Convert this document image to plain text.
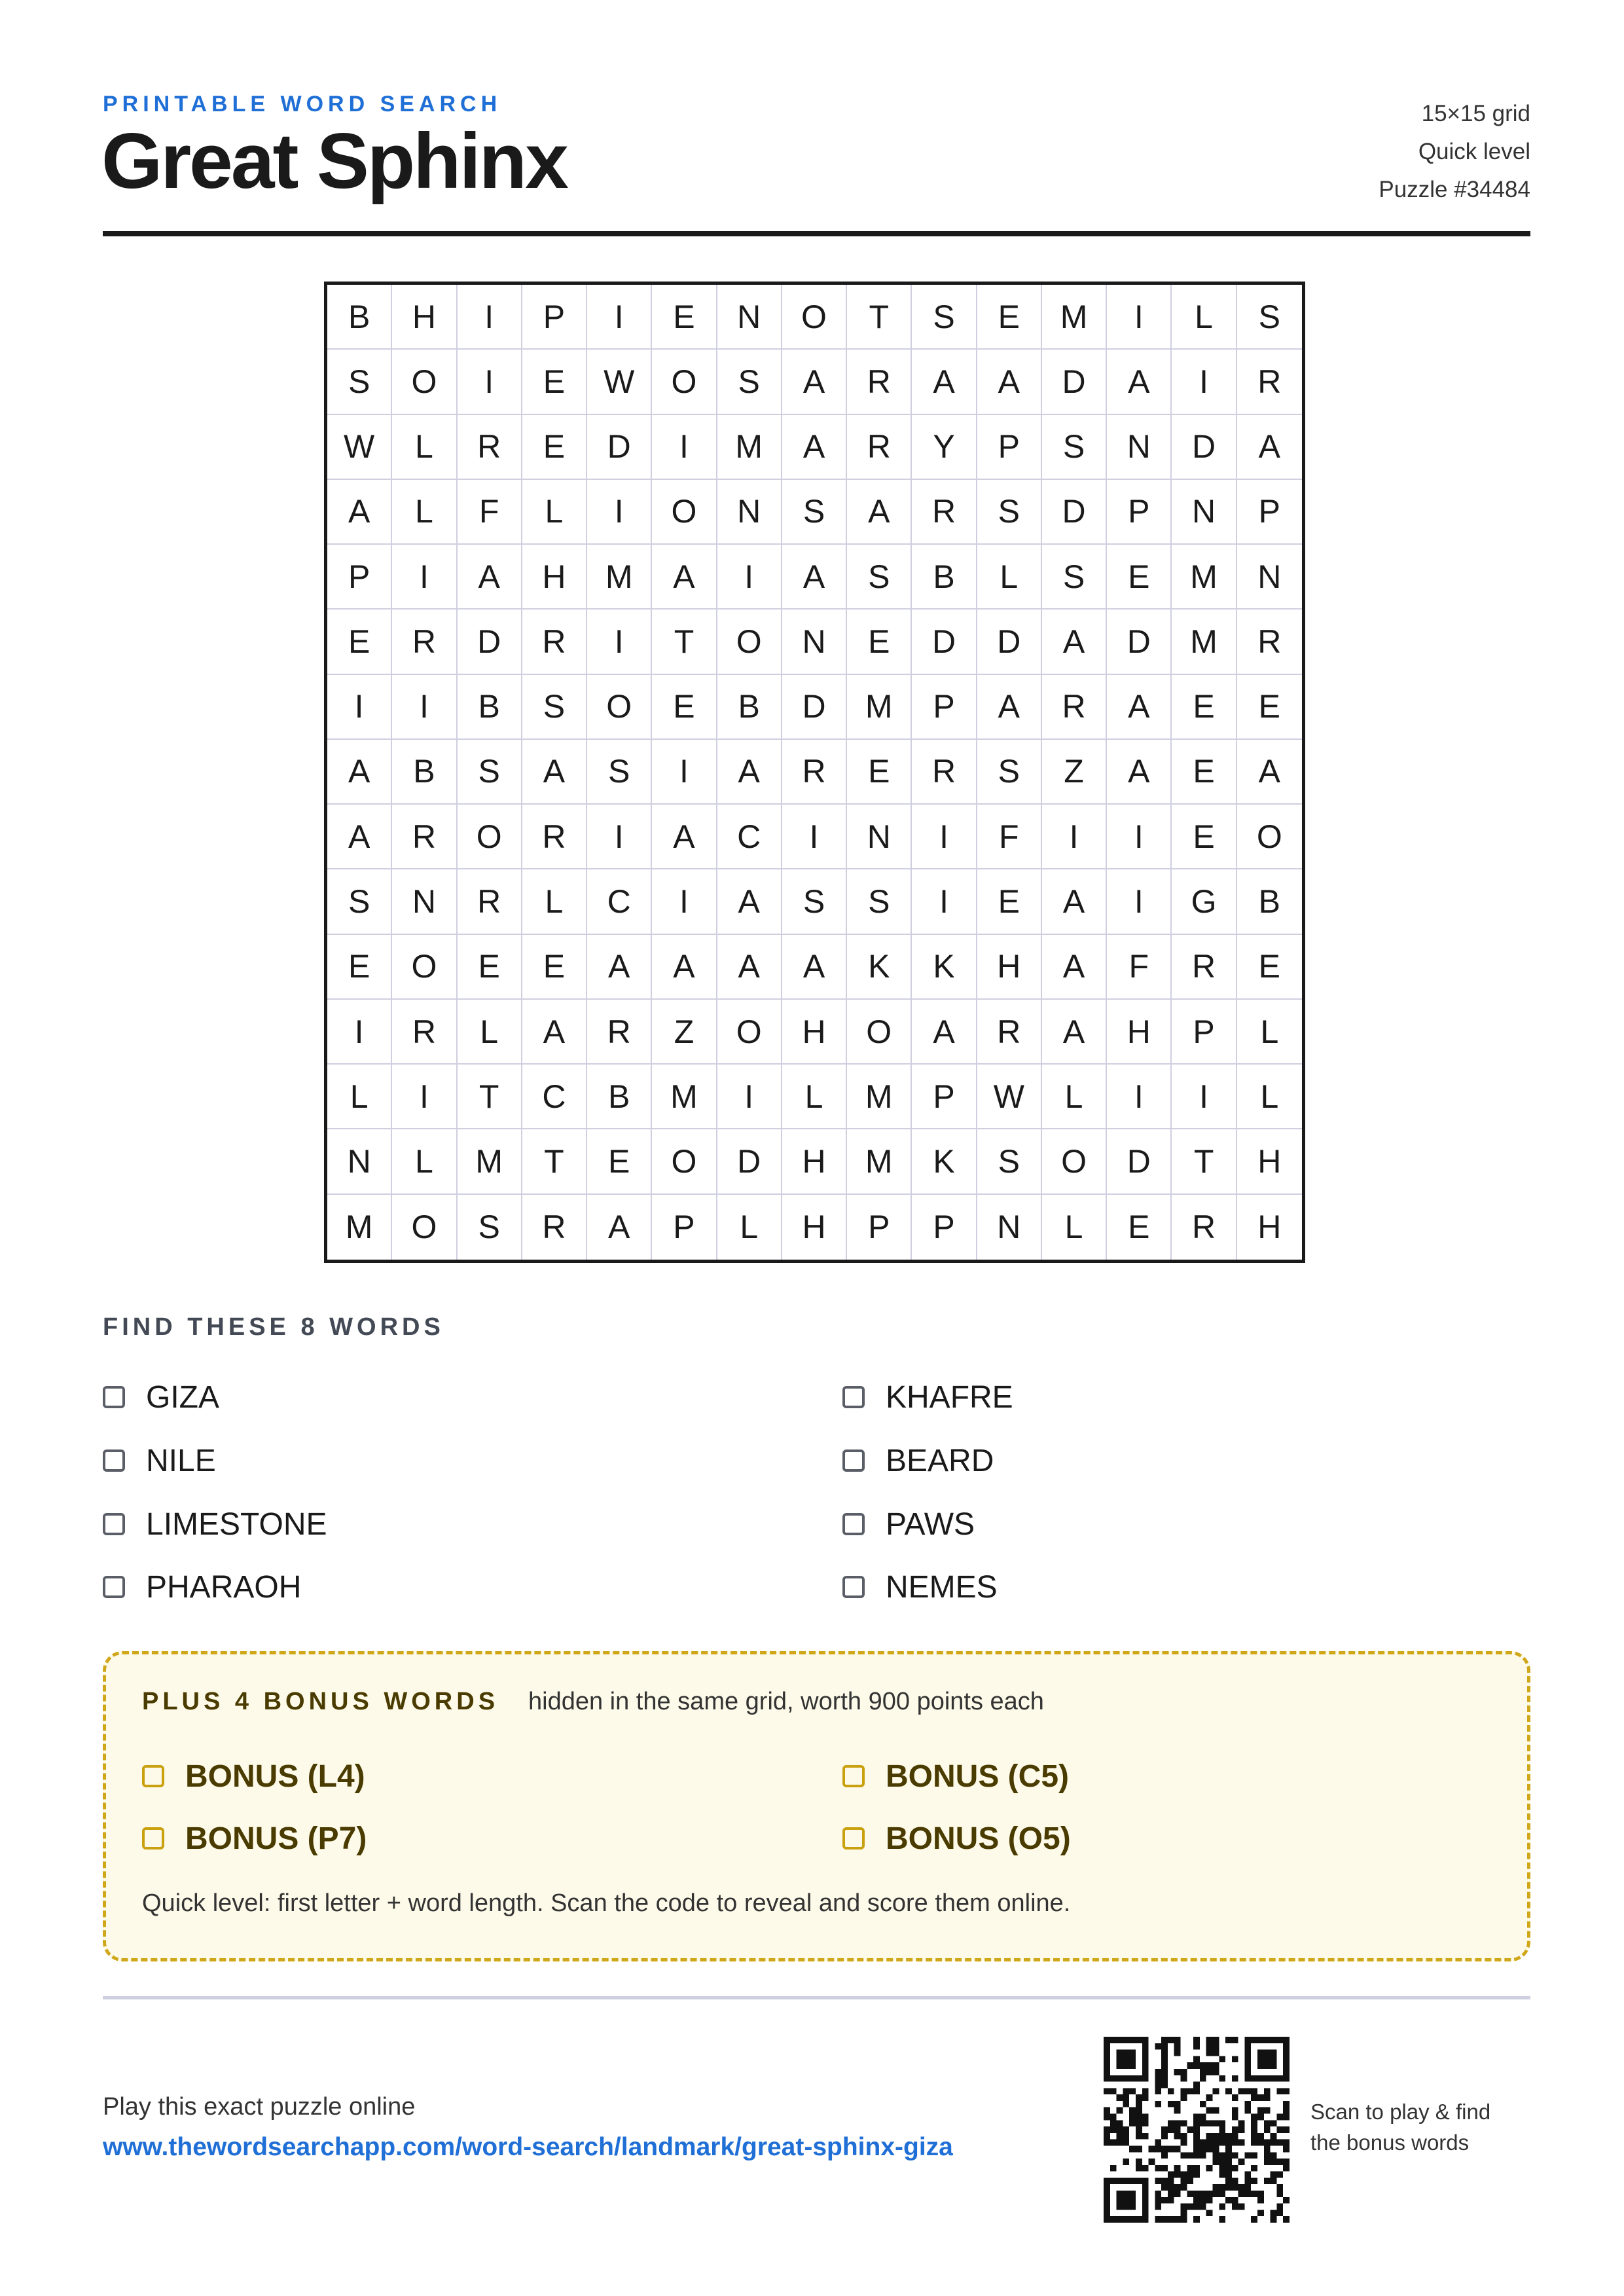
PRINTABLE WORD SEARCH
Great Sphinx
15×15 grid
Quick level
Puzzle #34484
B	H	I	P	I	E	N	O	T	S	E	M	I	L	S
S	O	I	E	W	O	S	A	R	A	A	D	A	I	R
W	L	R	E	D	I	M	A	R	Y	P	S	N	D	A
A	L	F	L	I	O	N	S	A	R	S	D	P	N	P
P	I	A	H	M	A	I	A	S	B	L	S	E	M	N
E	R	D	R	I	T	O	N	E	D	D	A	D	M	R
I	I	B	S	O	E	B	D	M	P	A	R	A	E	E
A	B	S	A	S	I	A	R	E	R	S	Z	A	E	A
A	R	O	R	I	A	C	I	N	I	F	I	I	E	O
S	N	R	L	C	I	A	S	S	I	E	A	I	G	B
E	O	E	E	A	A	A	A	K	K	H	A	F	R	E
I	R	L	A	R	Z	O	H	O	A	R	A	H	P	L
L	I	T	C	B	M	I	L	M	P	W	L	I	I	L
N	L	M	T	E	O	D	H	M	K	S	O	D	T	H
M	O	S	R	A	P	L	H	P	P	N	L	E	R	H
FIND THESE 8 WORDS
GIZA	KHAFRE
NILE	BEARD
LIMESTONE	PAWS
PHARAOH	NEMES
PLUS 4 BONUS WORDS hidden in the same grid, worth 900 points each
BONUS (L4)	BONUS (C5)
BONUS (P7)	BONUS (O5)
Quick level: first letter + word length. Scan the code to reveal and score them online.
Play this exact puzzle online
www.thewordsearchapp.com/word-search/landmark/great-sphinx-giza
Scan to play & find
the bonus words
